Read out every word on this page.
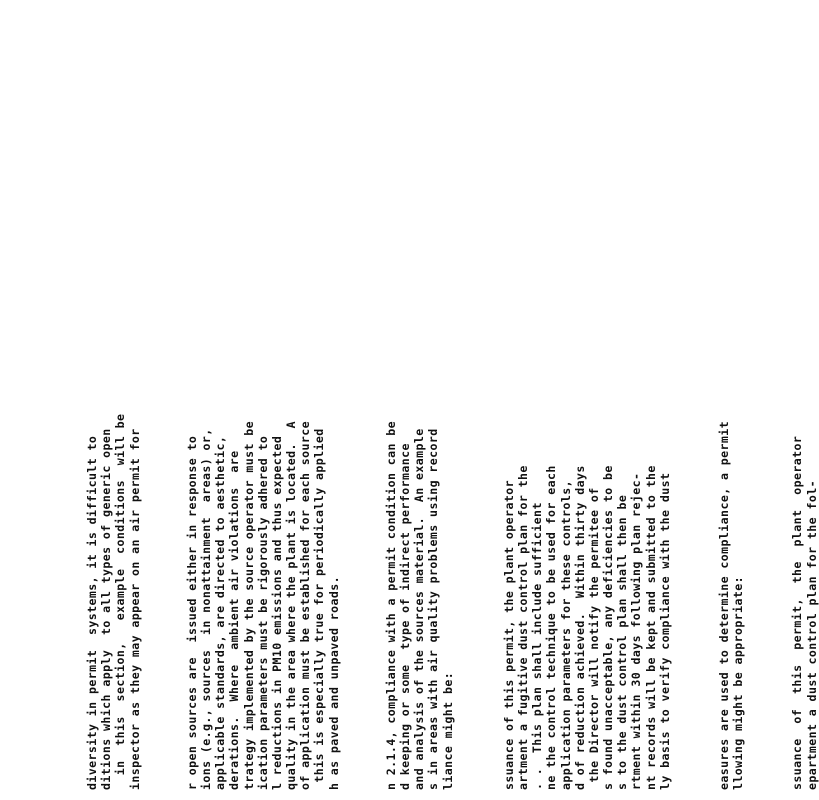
diversity in permit  systems, it is difficult to ditions which apply  to all types of generic open in  this  section,   example  conditions  will be inspector as they may appear on an air permit for	r open sources are  issued either in response to ions (e.g., sources  in nonattainment  areas) or, applicable standards, are directed to aesthetic, derations.  Where  ambient air violations  are trategy implemented by the source operator must be ication parameters must be rigorously adhered to l reductions in PM10 emissions and thus expected quality in the area where the plant is located.  A of application must be established for each source this is especially true for periodically applied h as paved and unpaved roads.	n 2.1.4, compliance with a permit condition can be d keeping or some  type of indirect performance and analysis of the sources material.  An example s in areas with air quality problems using record liance might be:	ssuance of this permit, the plant operator artment a fugitive dust control plan for the . .  This plan shall include sufficient ne the control technique to be used for each application parameters for these controls, d of reduction achieved.  Within thirty days the Director will notify the permitee of s found unacceptable, any deficiencies to be s to the dust control plan shall then be rtment within 30 days following plan rejec- nt records will be kept and submitted to the ly basis to verify compliance with the dust	easures are used to determine compliance, a permit llowing might be appropriate:	ssuance  of  this  permit,  the  plant  operator epartment a dust control plan for the fol-
